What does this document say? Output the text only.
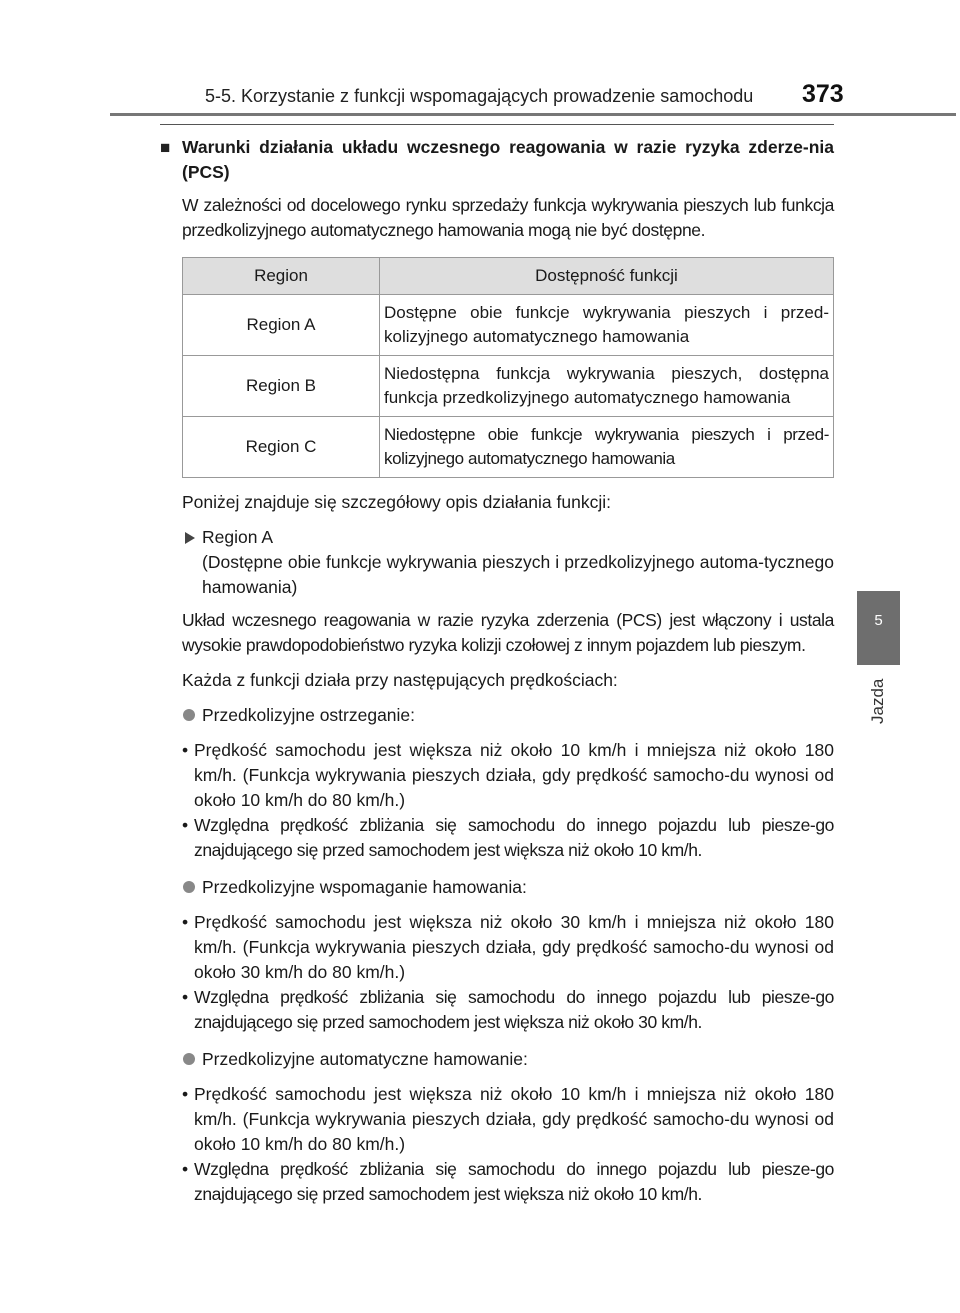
5-5. Korzystanie z funkcji wspomagających prowadzenie samochodu 373
5
Jazda
■ Warunki działania układu wczesnego reagowania w razie ryzyka zderze-nia (PCS)

W zależności od docelowego rynku sprzedaży funkcja wykrywania pieszych lub funkcja przedkolizyjnego automatycznego hamowania mogą nie być dostępne.

Region	Dostępność funkcji
Region A	Dostępne obie funkcje wykrywania pieszych i przed-kolizyjnego automatycznego hamowania
Region B	Niedostępna funkcja wykrywania pieszych, dostępna funkcja przedkolizyjnego automatycznego hamowania
Region C	Niedostępne obie funkcje wykrywania pieszych i przed-kolizyjnego automatycznego hamowania

Poniżej znajduje się szczegółowy opis działania funkcji:

Region A

(Dostępne obie funkcje wykrywania pieszych i przedkolizyjnego automa-tycznego hamowania)

Układ wczesnego reagowania w razie ryzyka zderzenia (PCS) jest włączony i ustala wysokie prawdopodobieństwo ryzyka kolizji czołowej z innym pojazdem lub pieszym.

Każda z funkcji działa przy następujących prędkościach:

Przedkolizyjne ostrzeganie:
• Prędkość samochodu jest większa niż około 10 km/h i mniejsza niż około 180 km/h. (Funkcja wykrywania pieszych działa, gdy prędkość samocho-du wynosi od około 10 km/h do 80 km/h.)
• Względna prędkość zbliżania się samochodu do innego pojazdu lub piesze-go znajdującego się przed samochodem jest większa niż około 10 km/h.
Przedkolizyjne wspomaganie hamowania:
• Prędkość samochodu jest większa niż około 30 km/h i mniejsza niż około 180 km/h. (Funkcja wykrywania pieszych działa, gdy prędkość samocho-du wynosi od około 30 km/h do 80 km/h.)
• Względna prędkość zbliżania się samochodu do innego pojazdu lub piesze-go znajdującego się przed samochodem jest większa niż około 30 km/h.
Przedkolizyjne automatyczne hamowanie:
• Prędkość samochodu jest większa niż około 10 km/h i mniejsza niż około 180 km/h. (Funkcja wykrywania pieszych działa, gdy prędkość samocho-du wynosi od około 10 km/h do 80 km/h.)
• Względna prędkość zbliżania się samochodu do innego pojazdu lub piesze-go znajdującego się przed samochodem jest większa niż około 10 km/h.
